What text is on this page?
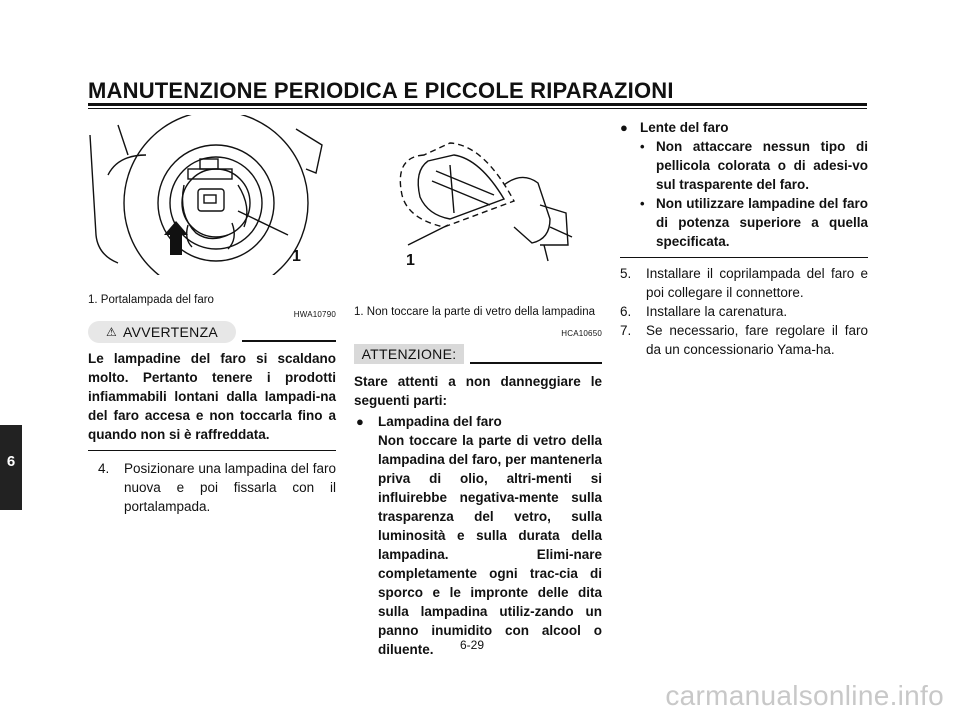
MANUTENZIONE PERIODICA E PICCOLE RIPARAZIONI
6
1
1. Portalampada del faro
HWA10790
⚠ AVVERTENZA
Le lampadine del faro si scaldano molto. Pertanto tenere i prodotti infiammabili lontani dalla lampadi-na del faro accesa e non toccarla fino a quando non si è raffreddata.
4. Posizionare una lampadina del faro nuova e poi fissarla con il portalampada.
1
1. Non toccare la parte di vetro della lampadina
HCA10650
ATTENZIONE:
Stare attenti a non danneggiare le seguenti parti:
● Lampadina del faro
Non toccare la parte di vetro della lampadina del faro, per mantenerla priva di olio, altri-menti si influirebbe negativa-mente sulla trasparenza del vetro, sulla luminosità e sulla durata della lampadina. Elimi-nare completamente ogni trac-cia di sporco e le impronte delle dita sulla lampadina utiliz-zando un panno inumidito con alcool o diluente.
● Lente del faro
• Non attaccare nessun tipo di pellicola colorata o di adesi-vo sul trasparente del faro.
• Non utilizzare lampadine del faro di potenza superiore a quella specificata.
5. Installare il coprilampada del faro e poi collegare il connettore.
6. Installare la carenatura.
7. Se necessario, fare regolare il faro da un concessionario Yama-ha.
6-29
carmanualsonline.info
